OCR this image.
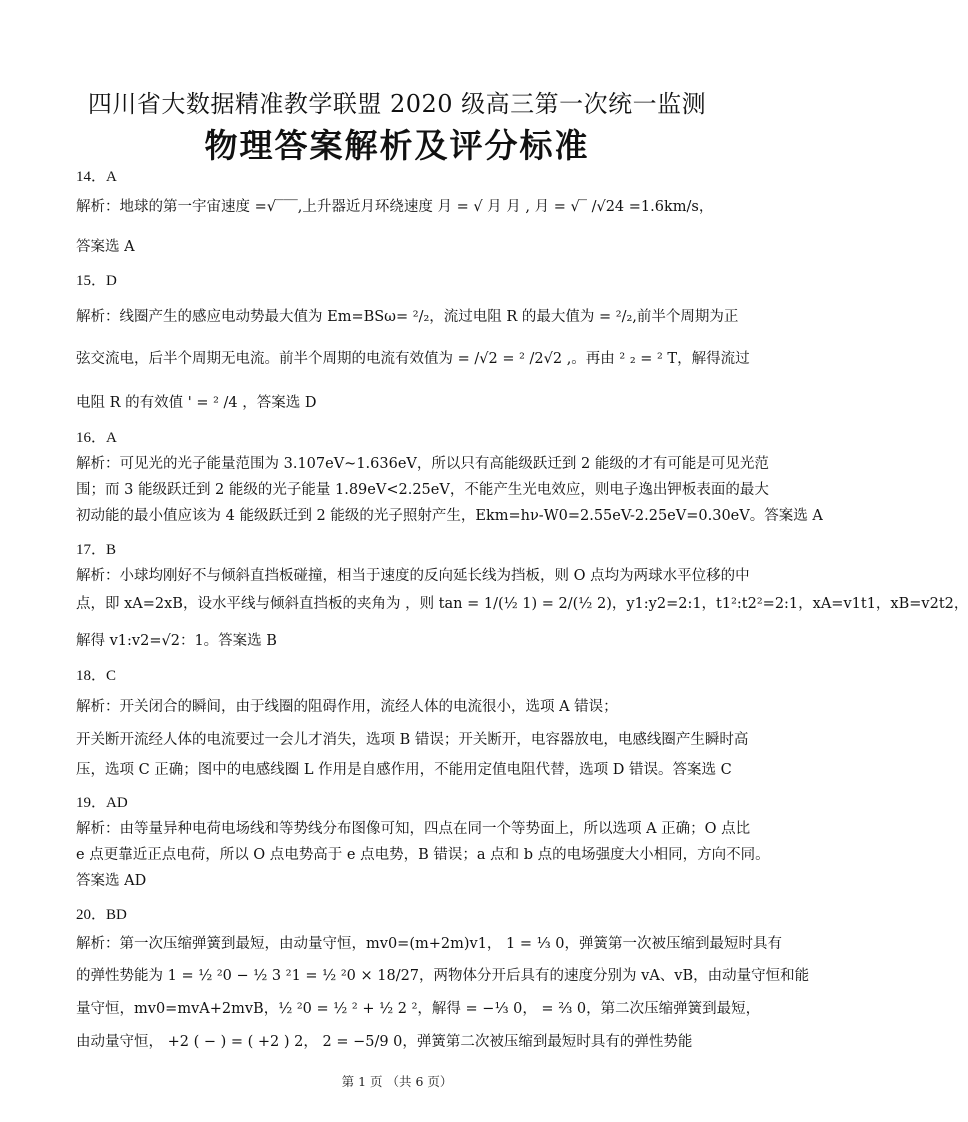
四川省大数据精准教学联盟 2020 级高三第一次统一监测
物理答案解析及评分标准
14．A
解析：地球的第一宇宙速度 =√‾‾‾,上升器近月环绕速度 月 = √ 月 月 , 月 = √‾ /√24 =1.6km/s，
答案选 A
15．D
解析：线圈产生的感应电动势最大值为 Em=BSω= ²/₂，流过电阻 R 的最大值为 = ²/₂,前半个周期为正
弦交流电，后半个周期无电流。前半个周期的电流有效值为 = /√2 = ² /2√2 ,。再由 ² ₂ = ² T，解得流过
电阻 R 的有效值 ' = ² /4 ，答案选 D
16．A
解析：可见光的光子能量范围为 3.107eV~1.636eV，所以只有高能级跃迁到 2 能级的才有可能是可见光范
围；而 3 能级跃迁到 2 能级的光子能量 1.89eV<2.25eV，不能产生光电效应，则电子逸出钾板表面的最大
初动能的最小值应该为 4 能级跃迁到 2 能级的光子照射产生，Ekm=hν-W0=2.55eV-2.25eV=0.30eV。答案选 A
17．B
解析：小球均刚好不与倾斜直挡板碰撞，相当于速度的反向延长线为挡板，则 O 点均为两球水平位移的中
点，即 xA=2xB，设水平线与倾斜直挡板的夹角为 ，则 tan = 1/(½ 1) = 2/(½ 2)，y1:y2=2:1，t1²:t2²=2:1，xA=v1t1，xB=v2t2，
解得 v1:v2=√2：1。答案选 B
18．C
解析：开关闭合的瞬间，由于线圈的阻碍作用，流经人体的电流很小，选项 A 错误；
开关断开流经人体的电流要过一会儿才消失，选项 B 错误；开关断开，电容器放电，电感线圈产生瞬时高
压，选项 C 正确；图中的电感线圈 L 作用是自感作用，不能用定值电阻代替，选项 D 错误。答案选 C
19．AD
解析：由等量异种电荷电场线和等势线分布图像可知，四点在同一个等势面上，所以选项 A 正确；O 点比
e 点更靠近正点电荷，所以 O 点电势高于 e 点电势，B 错误；a 点和 b 点的电场强度大小相同，方向不同。
答案选 AD
20．BD
解析：第一次压缩弹簧到最短，由动量守恒，mv0=(m+2m)v1， 1 = ⅓ 0，弹簧第一次被压缩到最短时具有
的弹性势能为 1 = ½ ²0 − ½ 3 ²1 = ½ ²0 × 18/27，两物体分开后具有的速度分别为 vA、vB，由动量守恒和能
量守恒，mv0=mvA+2mvB，½ ²0 = ½ ² + ½ 2 ²，解得 = −⅓ 0， = ⅔ 0，第二次压缩弹簧到最短，
由动量守恒， +2 ( − ) = ( +2 ) 2， 2 = −5/9 0，弹簧第二次被压缩到最短时具有的弹性势能
第 1 页 （共 6 页）
